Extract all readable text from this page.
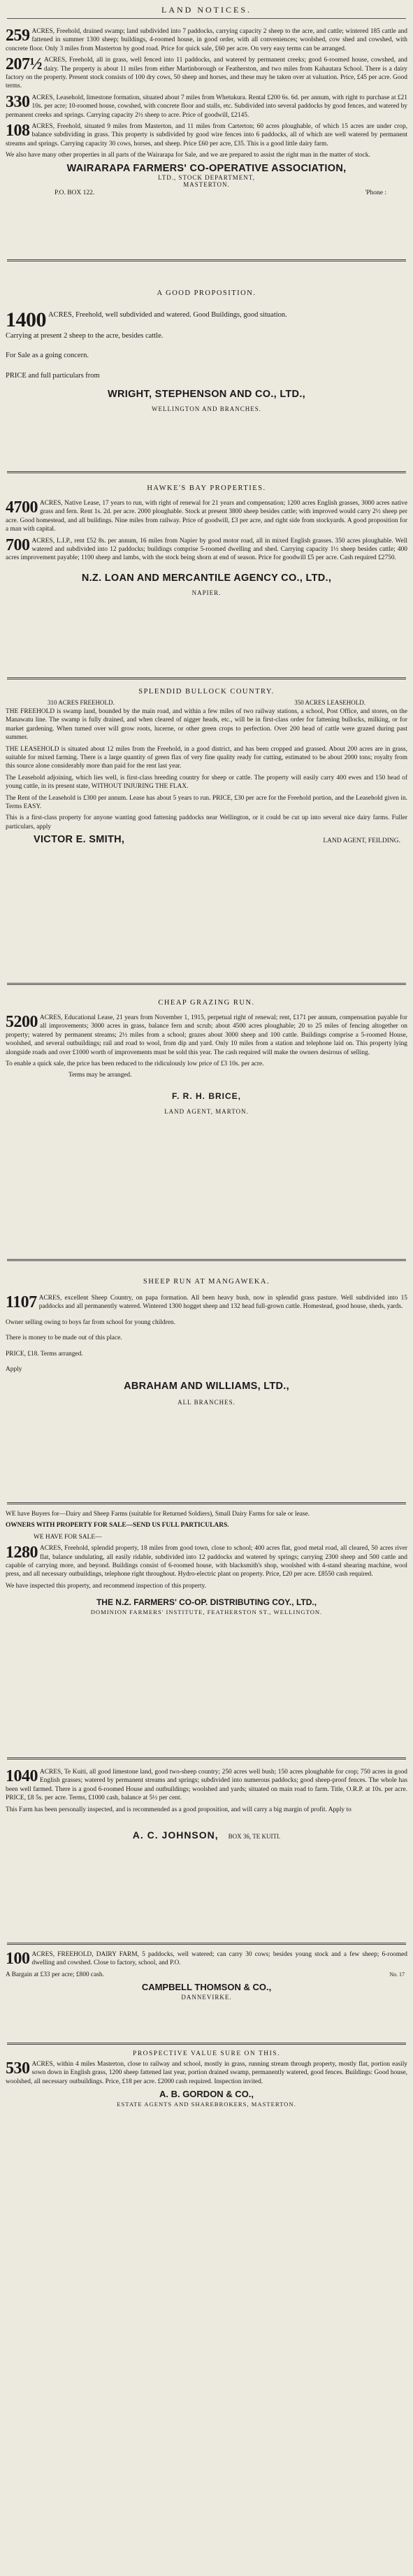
LAND NOTICES.
259 ACRES, Freehold, drained swamp; land subdivided into 7 paddocks, carrying capacity 2 sheep to the acre, and cattle; wintered 185 cattle and fattened in summer 1300 sheep; buildings, 4-roomed house, in good order, with all conveniences; woolshed, cow shed and cowshed, with concrete floor. Only 3 miles from Masterton by good road. Price for quick sale, £60 per acre. On very easy terms can be arranged.
207½ ACRES, Freehold, all in grass, well fenced into 11 paddocks, and watered by permanent creeks; good 6-roomed house, cowshed, and dairy. The property is about 11 miles from either Martinborough or Featherston, and two miles from Kahautara School. There is a dairy factory on the property. Present stock consists of 100 dry cows, 50 sheep and horses, and these may be taken over at valuation. Price, £45 per acre. Good terms.
330 ACRES, Leasehold, limestone formation, situated about 7 miles from Whetukura. Rental £200 6s. 6d. per annum, with right to purchase at £21 10s. per acre; 10-roomed house, cowshed, with concrete floor and stalls, etc. Subdivided into several paddocks by good fences, and watered by permanent creeks and springs. Carrying capacity 2½ sheep to acre. Price of goodwill, £2145.
108 ACRES, Freehold, situated 9 miles from Masterton, and 11 miles from Carterton; 60 acres ploughable, of which 15 acres are under crop, balance subdividing in grass. This property is subdivided by good wire fences into 6 paddocks, all of which are well watered by permanent streams and springs. Carrying capacity 30 cows, horses, and sheep. Price £60 per acre, £35. This is a good little dairy farm.
We also have many other properties in all parts of the Wairarapa for Sale, and we are prepared to assist the right man in the matter of stock.
WAIRARAPA FARMERS' CO-OPERATIVE ASSOCIATION,
LTD., STOCK DEPARTMENT,
MASTERTON.
P.O. BOX 122.	'Phone :
A GOOD PROPOSITION.
1400 ACRES, Freehold, well subdivided and watered. Good Buildings, good situation.
Carrying at present 2 sheep to the acre, besides cattle.
For Sale as a going concern.
PRICE and full particulars from
WRIGHT, STEPHENSON AND CO., LTD.,
WELLINGTON AND BRANCHES.
HAWKE'S BAY PROPERTIES.
4700 ACRES, Native Lease, 17 years to run, with right of renewal for 21 years and compensation; 1200 acres English grasses, 3000 acres native grass and fern. Rent 1s. 2d. per acre. 2000 ploughable. Stock at present 3800 sheep besides cattle; with improved would carry 2½ sheep per acre. Good homestead, and all buildings. Nine miles from railway. Price of goodwill, £3 per acre, and right side from stockyards. A good proposition for a man with capital.
700 ACRES, L.I.P., rent £52 8s. per annum, 16 miles from Napier by good motor road, all in mixed English grasses. 350 acres ploughable. Well watered and subdivided into 12 paddocks; buildings comprise 5-roomed dwelling and shed. Carrying capacity 1½ sheep besides cattle; 400 acres improvement payable; 1100 sheep and lambs, with the stock being shorn at end of season. Price for goodwill £5 per acre. Cash required £2750.
N.Z. LOAN AND MERCANTILE AGENCY CO., LTD.,
NAPIER.
SPLENDID BULLOCK COUNTRY.
310 ACRES FREEHOLD.	350 ACRES LEASEHOLD.
THE FREEHOLD is swamp land, bounded by the main road, and within a few miles of two railway stations, a school, Post Office, and stores, on the Manawatu line. The swamp is fully drained, and when cleared of nigger heads, etc., will be in first-class order for fattening bullocks, milking, or for market gardening. When turned over will grow roots, lucerne, or other green crops to perfection. Over 200 head of cattle were grazed during past summer.
THE LEASEHOLD is situated about 12 miles from the Freehold, in a good district, and has been cropped and grassed. About 200 acres are in grass, suitable for mixed farming. There is a large quantity of green flax of very fine quality ready for cutting, estimated to be about 2000 tons; royalty from this source alone considerably more than paid for the rent last year.
The Leasehold adjoining, which lies well, is first-class breeding country for sheep or cattle. The property will easily carry 400 ewes and 150 head of young cattle, in its present state, WITHOUT INJURING THE FLAX.
The Rent of the Leasehold is £300 per annum. Lease has about 5 years to run. PRICE, £30 per acre for the Freehold portion, and the Leasehold given in. Terms EASY.
This is a first-class property for anyone wanting good fattening paddocks near Wellington, or it could be cut up into several nice dairy farms. Fuller particulars, apply
VICTOR E. SMITH,	LAND AGENT, FEILDING.
CHEAP GRAZING RUN.
5200 ACRES, Educational Lease, 21 years from November 1, 1915, perpetual right of renewal; rent, £171 per annum, compensation payable for all improvements; 3000 acres in grass, balance fern and scrub; about 4500 acres ploughable; 20 to 25 miles of fencing altogether on property; watered by permanent streams; 2½ miles from a school; grazes about 3000 sheep and 100 cattle. Buildings comprise a 5-roomed House, woolshed, and several outbuildings; rail and road to wool, from dip and yard. Only 10 miles from a station and telephone laid on. This property lying alongside roads and over £1000 worth of improvements must be sold this year. The cash required will make the owners desirous of selling.
To enable a quick sale, the price has been reduced to the ridiculously low price of £3 10s. per acre.
Terms may be arranged.
F. R. H. BRICE,
LAND AGENT, MARTON.
SHEEP RUN AT MANGAWEKA.
1107 ACRES, excellent Sheep Country, on papa formation. All been heavy bush, now in splendid grass pasture. Well subdivided into 15 paddocks and all permanently watered. Wintered 1300 hogget sheep and 132 head full-grown cattle. Homestead, good house, sheds, yards.
Owner selling owing to boys far from school for young children.
There is money to be made out of this place.
PRICE, £18. Terms arranged.
Apply
ABRAHAM AND WILLIAMS, LTD.,
ALL BRANCHES.
WE have Buyers for—Dairy and Sheep Farms (suitable for Returned Soldiers), Small Dairy Farms for sale or lease.
OWNERS WITH PROPERTY FOR SALE—SEND US FULL PARTICULARS.
WE HAVE FOR SALE—
1280 ACRES, Freehold, splendid property, 18 miles from good town, close to school; 400 acres flat, good metal road, all cleared, 50 acres river flat, balance undulating, all easily ridable, subdivided into 12 paddocks and watered by springs; carrying 2300 sheep and 500 cattle and capable of carrying more, and beyond. Buildings consist of 6-roomed house, with blacksmith's shop, woolshed with 4-stand shearing machine, wool press, and all necessary outbuildings, telephone right throughout. Hydro-electric plant on property. Price, £20 per acre. £8550 cash required.
We have inspected this property, and recommend inspection of this property.
THE N.Z. FARMERS' CO-OP. DISTRIBUTING COY., LTD.,
DOMINION FARMERS' INSTITUTE, FEATHERSTON ST., WELLINGTON.
1040 ACRES, Te Kuiti, all good limestone land, good two-sheep country; 250 acres well bush; 150 acres ploughable for crop; 750 acres in good English grasses; watered by permanent streams and springs; subdivided into numerous paddocks; good sheep-proof fences. The whole has been well farmed. There is a good 6-roomed House and outbuildings; woolshed and yards; situated on main road to farm. Title, O.R.P. at 10s. per acre. PRICE, £8 5s. per acre. Terms, £1000 cash, balance at 5½ per cent.
This Farm has been personally inspected, and is recommended as a good proposition, and will carry a big margin of profit. Apply to
A. C. JOHNSON, BOX 36, TE KUITI.
100 ACRES, FREEHOLD, DAIRY FARM, 5 paddocks, well watered; can carry 30 cows; besides young stock and a few sheep; 6-roomed dwelling and cowshed. Close to factory, school, and P.O.
A Bargain at £33 per acre; £800 cash.	No. 17
CAMPBELL THOMSON & CO.,
DANNEVIRKE.
PROSPECTIVE VALUE SURE ON THIS.
530 ACRES, within 4 miles Masterton, close to railway and school, mostly in grass, running stream through property, mostly flat, portion easily sown down in English grass, 1200 sheep fattened last year, portion drained swamp, permanently watered, good fences. Buildings: Good house, woolshed, all necessary outbuildings. Price, £18 per acre. £2000 cash required. Inspection invited.
A. B. GORDON & CO.,
ESTATE AGENTS AND SHAREBROKERS, MASTERTON.
